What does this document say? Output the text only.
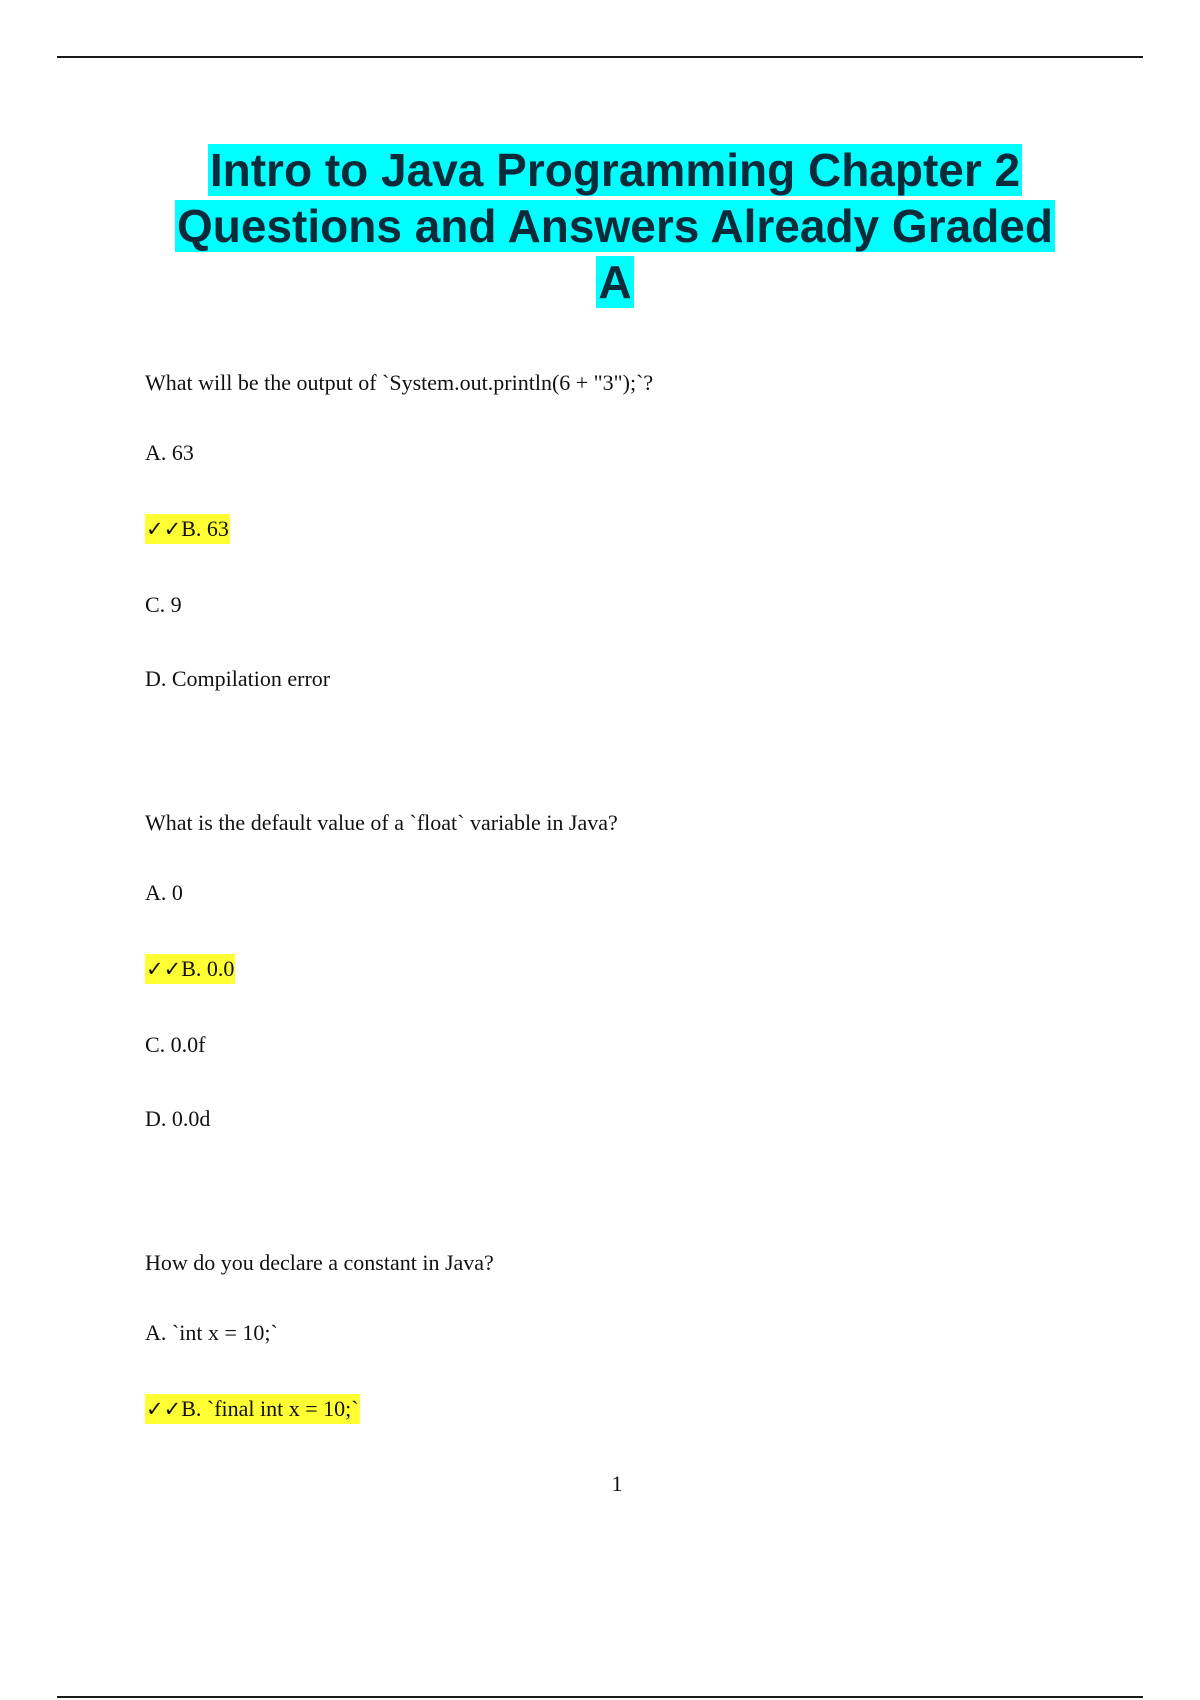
Intro to Java Programming Chapter 2
Questions and Answers Already Graded
A
What will be the output of `System.out.println(6 + "3");`?
A. 63
✓✓B. 63
C. 9
D. Compilation error
What is the default value of a `float` variable in Java?
A. 0
✓✓B. 0.0
C. 0.0f
D. 0.0d
How do you declare a constant in Java?
A. `int x = 10;`
✓✓B. `final int x = 10;`
1
